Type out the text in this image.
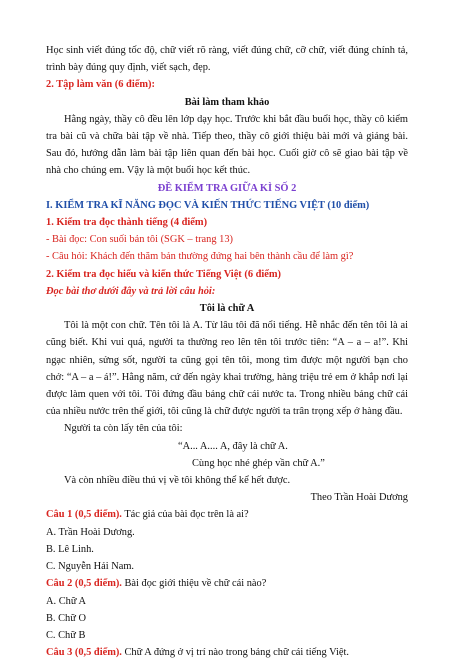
Học sinh viết đúng tốc độ, chữ viết rõ ràng, viết đúng chữ, cỡ chữ, viết đúng chính tả, trình bày đúng quy định, viết sạch, đẹp.

2. Tập làm văn (6 điểm):

Bài làm tham khảo

Hằng ngày, thầy cô đều lên lớp dạy học. Trước khi bắt đầu buổi học, thầy cô kiểm tra bài cũ và chữa bài tập về nhà. Tiếp theo, thầy cô giới thiệu bài mới và giảng bài. Sau đó, hướng dẫn làm bài tập liên quan đến bài học. Cuối giờ cô sẽ giao bài tập về nhà cho chúng em. Vậy là một buổi học kết thúc.

ĐỀ KIỂM TRA GIỮA KÌ SỐ 2

I. KIỂM TRA KĨ NĂNG ĐỌC VÀ KIẾN THỨC TIẾNG VIỆT (10 điểm)

1. Kiểm tra đọc thành tiếng (4 điểm)

- Bài đọc: Con suối bản tôi (SGK – trang 13)

- Câu hỏi: Khách đến thăm bản thường đứng hai bên thành cầu để làm gì?

2. Kiểm tra đọc hiểu và kiến thức Tiếng Việt (6 điểm)

Đọc bài thơ dưới đây và trả lời câu hỏi:

Tôi là chữ A

Tôi là một con chữ. Tên tôi là A. Từ lâu tôi đã nổi tiếng. Hễ nhắc đến tên tôi là ai cũng biết. Khi vui quá, người ta thường reo lên tên tôi trước tiên: “A – a – a!”. Khi ngạc nhiên, sửng sốt, người ta cũng gọi tên tôi, mong tìm được một người bạn cho chở: “A – a – á!”. Hằng năm, cứ đến ngày khai trường, hàng triệu trẻ em ở khắp nơi lại được làm quen với tôi. Tôi đứng đầu bảng chữ cái nước ta. Trong nhiều bảng chữ cái của nhiều nước trên thế giới, tôi cũng là chữ được người ta trân trọng xếp ở hàng đầu.

Người ta còn lấy tên của tôi:

“A... A.... A, đây là chữ A.

Cùng học nhé ghép vần chữ A.”

Và còn nhiều điều thú vị về tôi không thể kể hết được.

Theo Trần Hoài Dương

Câu 1 (0,5 điểm). Tác giả của bài đọc trên là ai?

A. Trần Hoài Dương.

B. Lê Linh.

C. Nguyễn Hải Nam.

Câu 2 (0,5 điểm). Bài đọc giới thiệu về chữ cái nào?

A. Chữ A

B. Chữ O

C. Chữ B

Câu 3 (0,5 điểm). Chữ A đứng ở vị trí nào trong bảng chữ cái tiếng Việt.
